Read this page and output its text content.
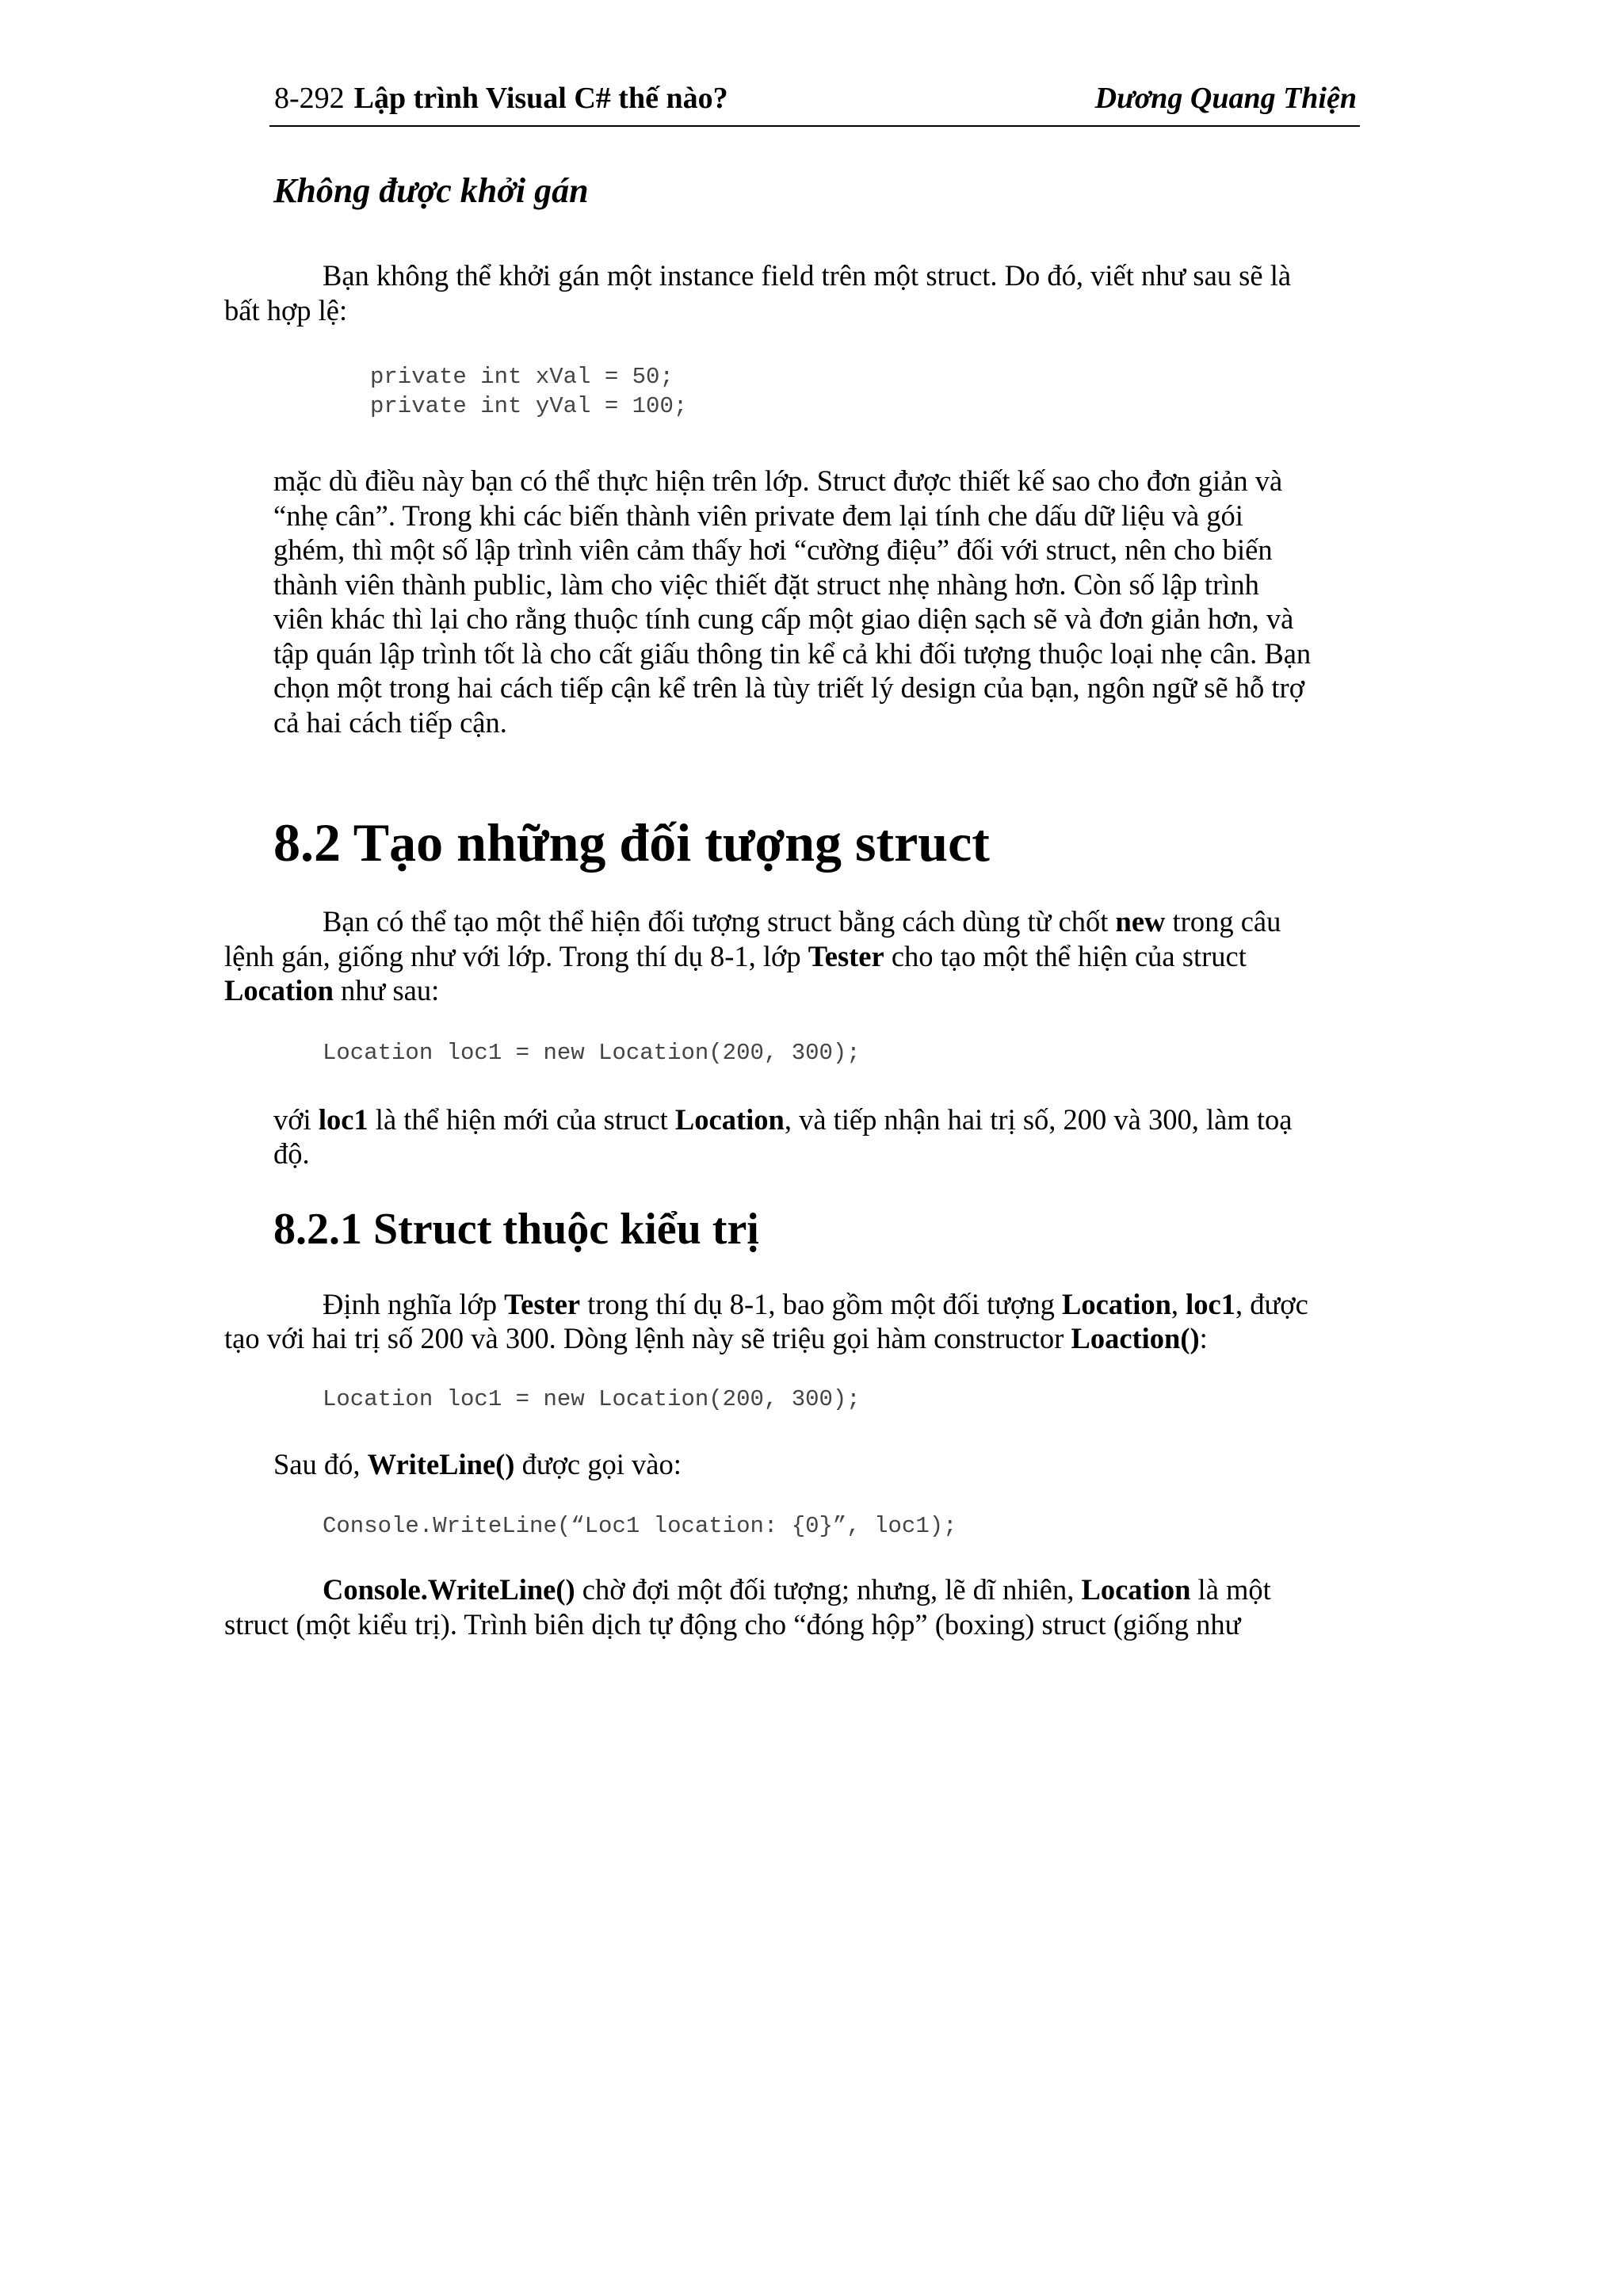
8-292 Lập trình Visual C# thế nào?	Dương Quang Thiện
Không được khởi gán

Bạn không thể khởi gán một instance field trên một struct. Do đó, viết như sau sẽ là
bất hợp lệ:

private int xVal = 50;
private int yVal = 100;

mặc dù điều này bạn có thể thực hiện trên lớp. Struct được thiết kế sao cho đơn giản và
“nhẹ cân”. Trong khi các biến thành viên private đem lại tính che dấu dữ liệu và gói
ghém, thì một số lập trình viên cảm thấy hơi “cường điệu” đối với struct, nên cho biến
thành viên thành public, làm cho việc thiết đặt struct nhẹ nhàng hơn. Còn số lập trình
viên khác thì lại cho rằng thuộc tính cung cấp một giao diện sạch sẽ và đơn giản hơn, và
tập quán lập trình tốt là cho cất giấu thông tin kể cả khi đối tượng thuộc loại nhẹ cân. Bạn
chọn một trong hai cách tiếp cận kể trên là tùy triết lý design của bạn, ngôn ngữ sẽ hỗ trợ
cả hai cách tiếp cận.

8.2 Tạo những đối tượng struct

Bạn có thể tạo một thể hiện đối tượng struct bằng cách dùng từ chốt new trong câu
lệnh gán, giống như với lớp. Trong thí dụ 8-1, lớp Tester cho tạo một thể hiện của struct
Location như sau:

Location loc1 = new Location(200, 300);

với loc1 là thể hiện mới của struct Location, và tiếp nhận hai trị số, 200 và 300, làm toạ
độ.

8.2.1 Struct thuộc kiểu trị

Định nghĩa lớp Tester trong thí dụ 8-1, bao gồm một đối tượng Location, loc1, được
tạo với hai trị số 200 và 300. Dòng lệnh này sẽ triệu gọi hàm constructor Loaction():

Location loc1 = new Location(200, 300);

Sau đó, WriteLine() được gọi vào:

Console.WriteLine(“Loc1 location: {0}”, loc1);

Console.WriteLine() chờ đợi một đối tượng; nhưng, lẽ dĩ nhiên, Location là một
struct (một kiểu trị). Trình biên dịch tự động cho “đóng hộp” (boxing) struct (giống như
